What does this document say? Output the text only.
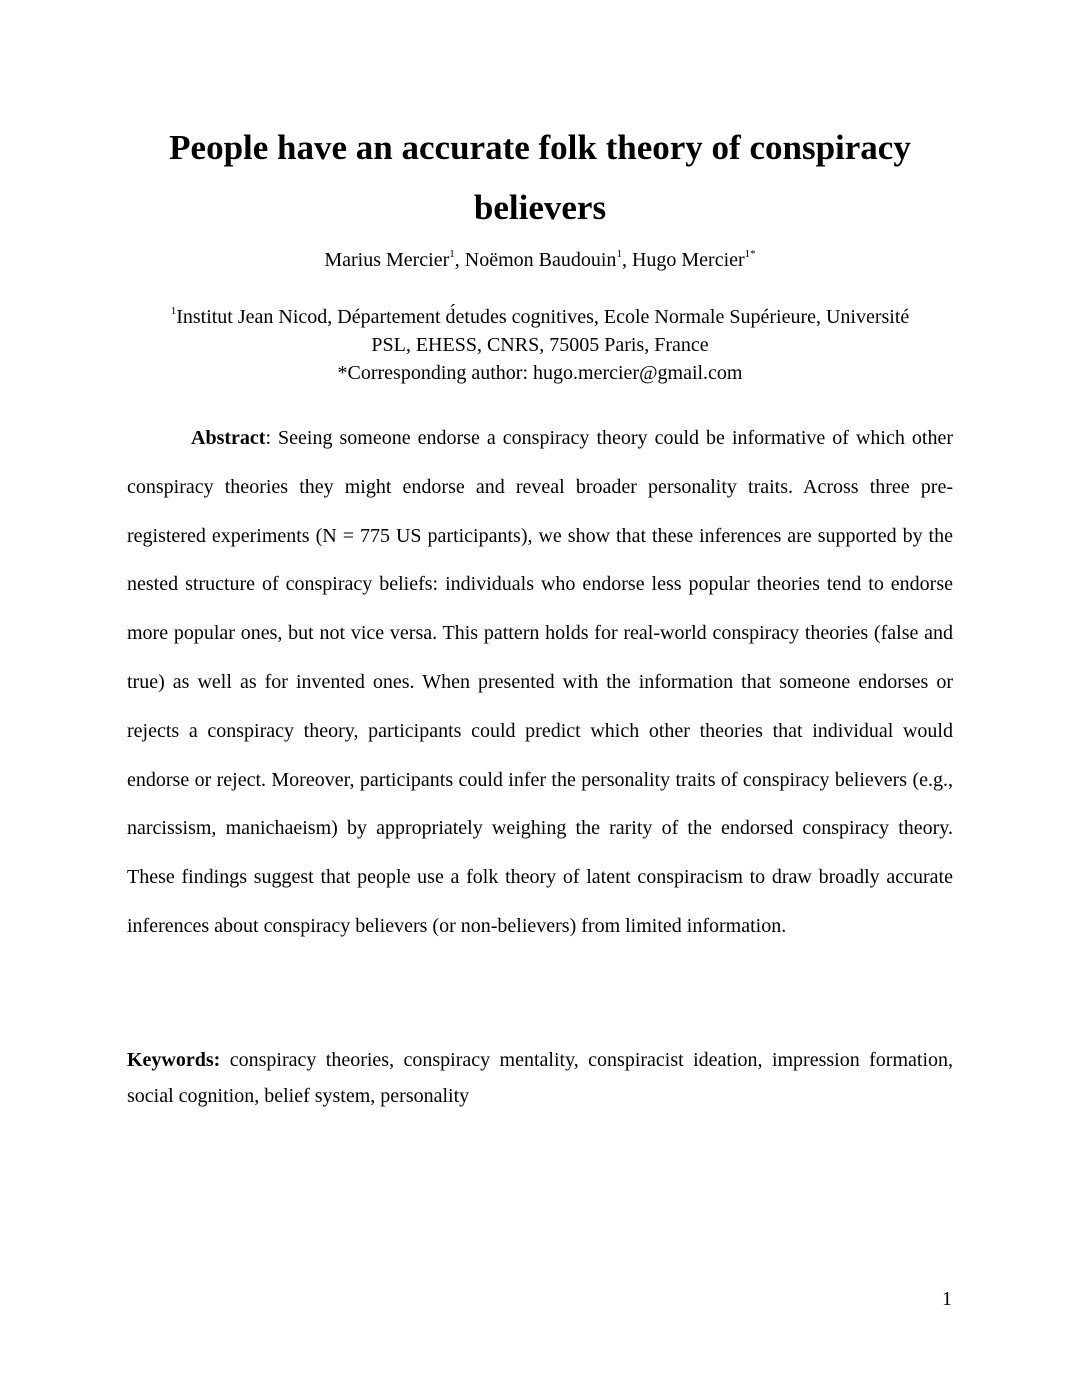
People have an accurate folk theory of conspiracy believers
Marius Mercier$^1$, Noëmon Baudouin$^1$, Hugo Mercier$^{1*}$
$^1$Institut Jean Nicod, Département d́etudes cognitives, Ecole Normale Supérieure, Université
PSL, EHESS, CNRS, 75005 Paris, France
*Corresponding author: hugo.mercier@gmail.com

Abstract: Seeing someone endorse a conspiracy theory could be informative of which other conspiracy theories they might endorse and reveal broader personality traits. Across three pre-registered experiments (N = 775 US participants), we show that these inferences are supported by the nested structure of conspiracy beliefs: individuals who endorse less popular theories tend to endorse more popular ones, but not vice versa. This pattern holds for real-world conspiracy theories (false and true) as well as for invented ones. When presented with the information that someone endorses or rejects a conspiracy theory, participants could predict which other theories that individual would endorse or reject. Moreover, participants could infer the personality traits of conspiracy believers (e.g., narcissism, manichaeism) by appropriately weighing the rarity of the endorsed conspiracy theory. These findings suggest that people use a folk theory of latent conspiracism to draw broadly accurate inferences about conspiracy believers (or non-believers) from limited information.

Keywords: conspiracy theories, conspiracy mentality, conspiracist ideation, impression formation, social cognition, belief system, personality

1
